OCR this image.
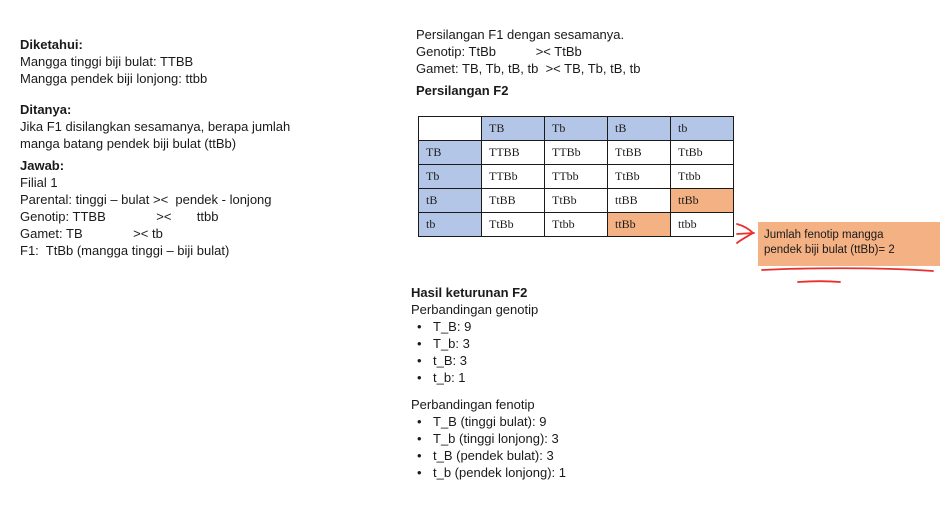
Diketahui:
Mangga tinggi biji bulat: TTBB
Mangga pendek biji lonjong: ttbb
Ditanya:
Jika F1 disilangkan sesamanya, berapa jumlah
manga batang pendek biji bulat (ttBb)
Jawab:
Filial 1
Parental: tinggi – bulat ><  pendek - lonjong
Genotip: TTBB              ><       ttbb
Gamet: TB              >< tb
F1:  TtBb (mangga tinggi – biji bulat)
Persilangan F1 dengan sesamanya.
Genotip: TtBb           >< TtBb
Gamet: TB, Tb, tB, tb  >< TB, Tb, tB, tb
Persilangan F2
	TB	Tb	tB	tb
TB	TTBB	TTBb	TtBB	TtBb
Tb	TTBb	TTbb	TtBb	Ttbb
tB	TtBB	TtBb	ttBB	ttBb
tb	TtBb	Ttbb	ttBb	ttbb
Hasil keturunan F2
Perbandingan genotip
• T_B: 9
• T_b: 3
• t_B: 3
• t_b: 1
Perbandingan fenotip
• T_B (tinggi bulat): 9
• T_b (tinggi lonjong): 3
• t_B (pendek bulat): 3
• t_b (pendek lonjong): 1
Jumlah fenotip mangga
pendek biji bulat (ttBb)= 2
